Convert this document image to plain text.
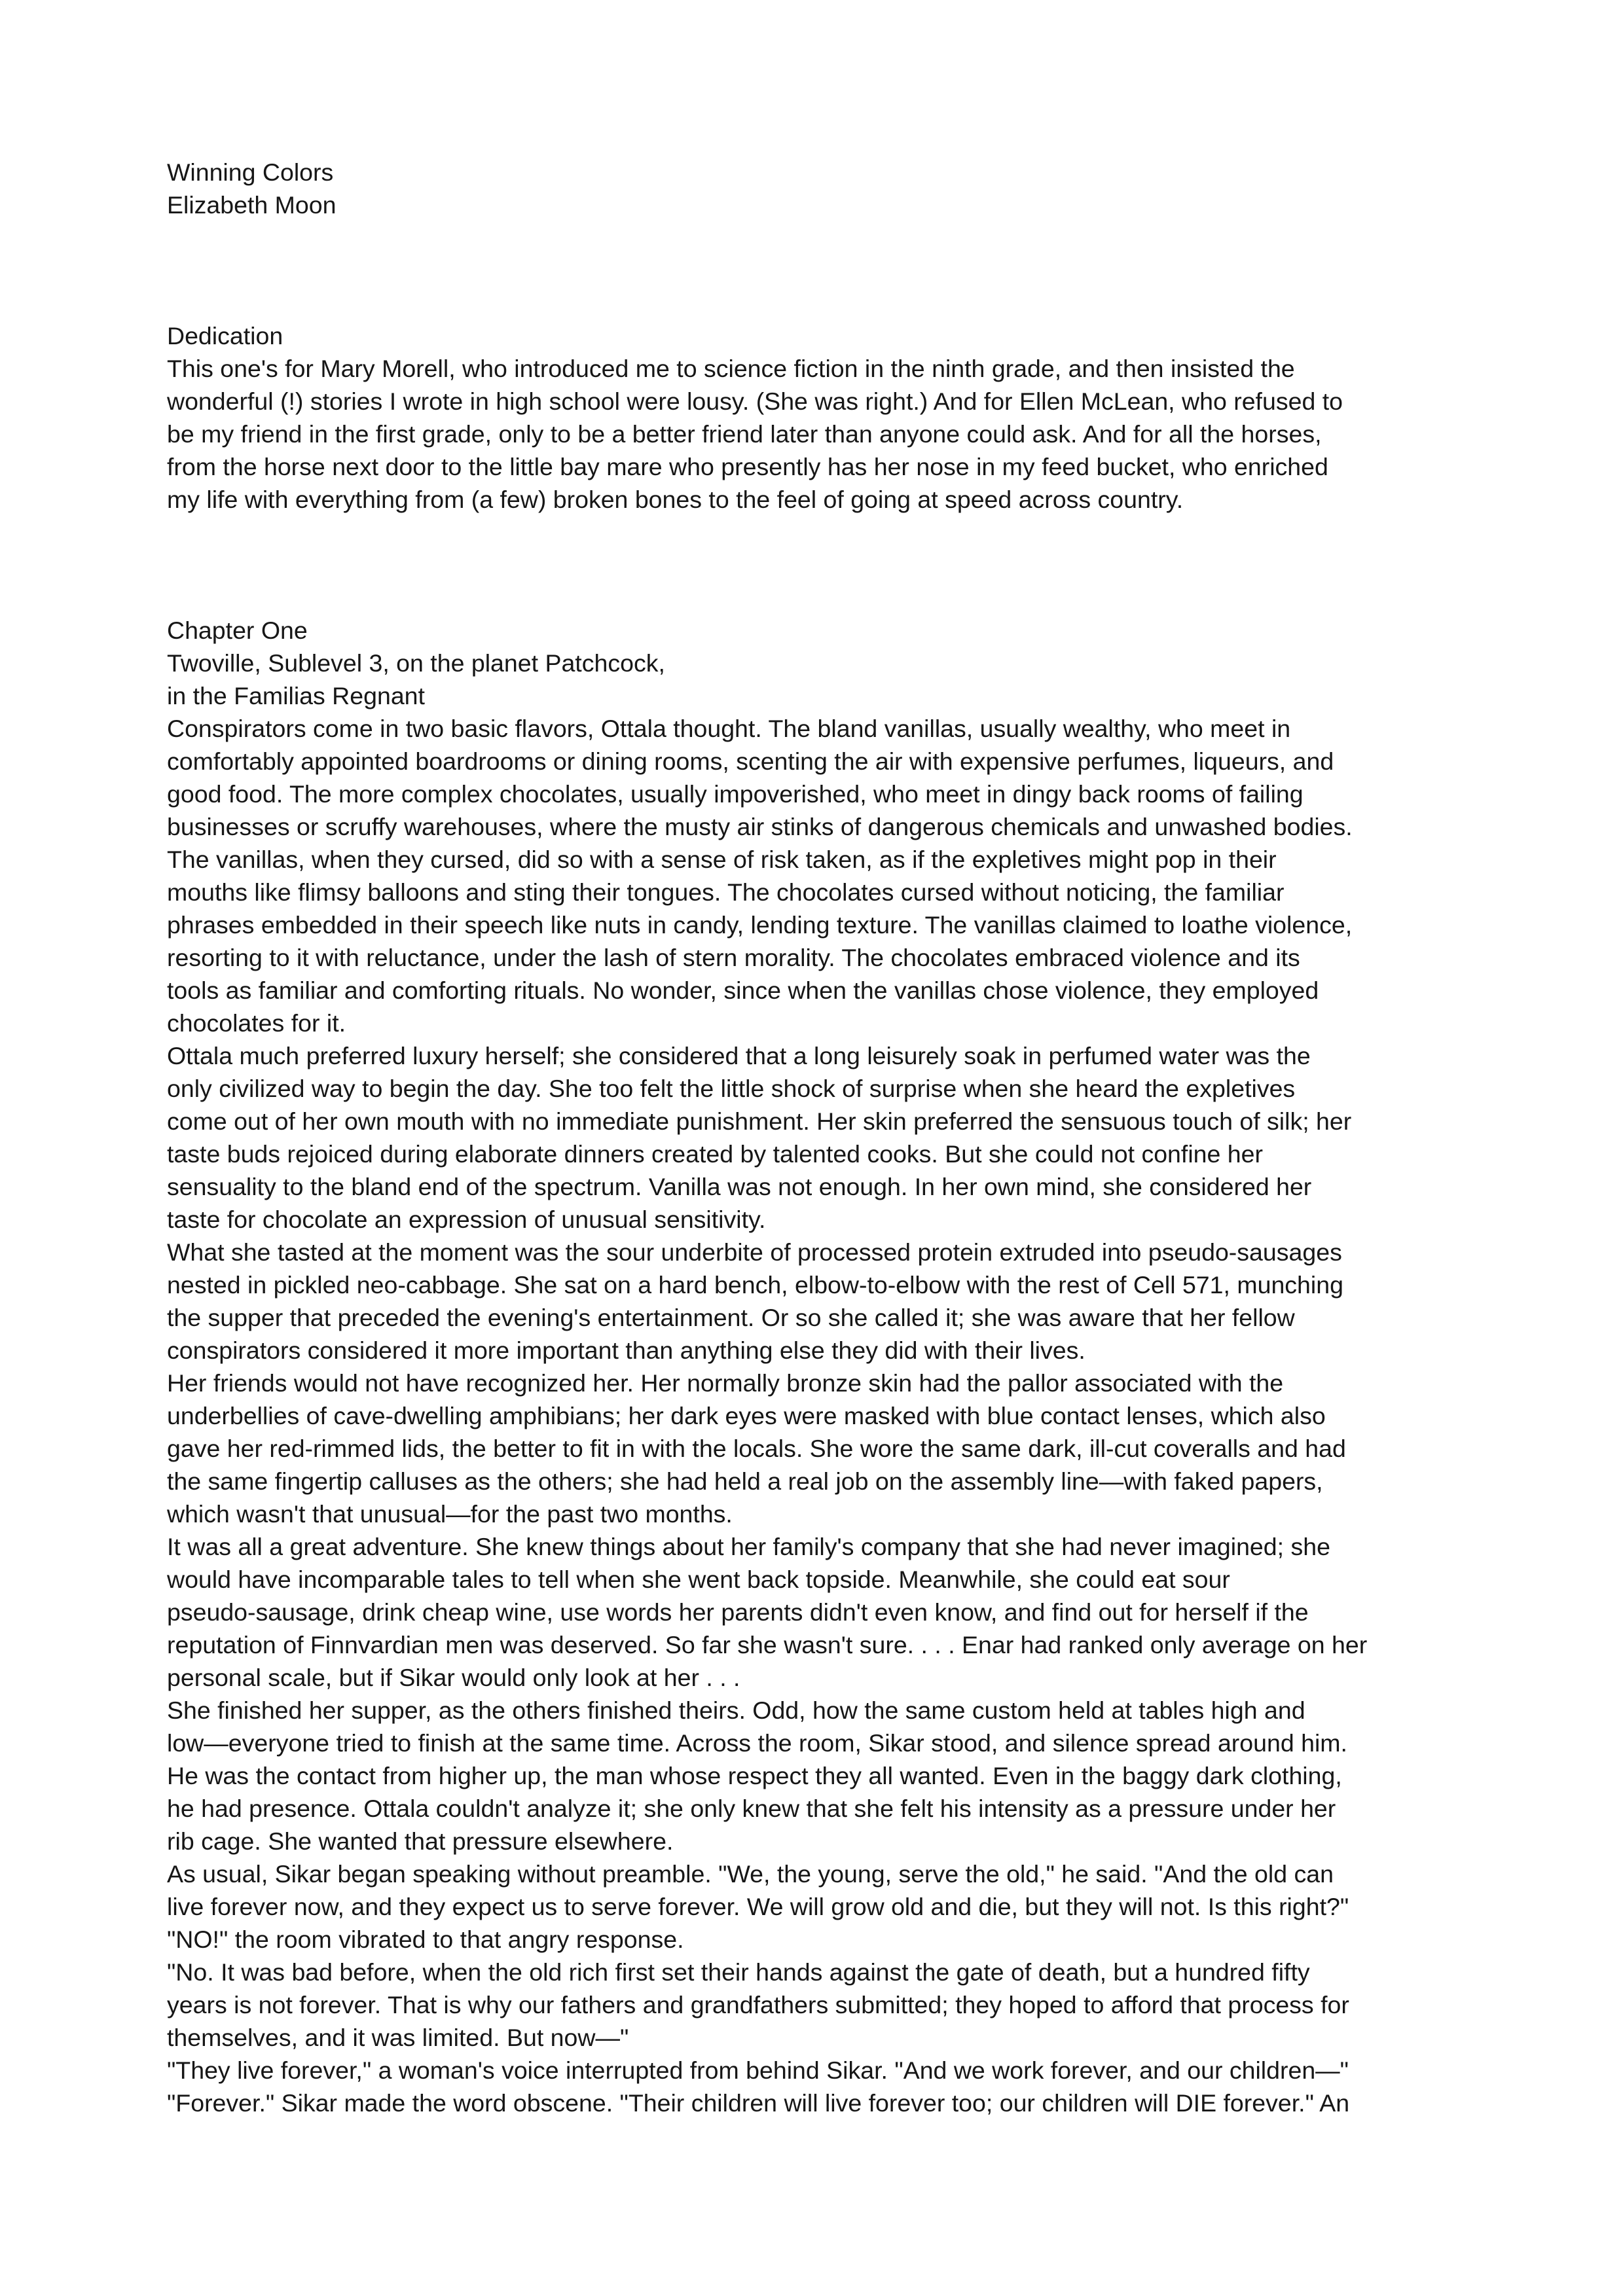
Winning Colors
Elizabeth Moon
Dedication
This one's for Mary Morell, who introduced me to science fiction in the ninth grade, and then insisted the
wonderful (!) stories I wrote in high school were lousy. (She was right.) And for Ellen McLean, who refused to
be my friend in the first grade, only to be a better friend later than anyone could ask. And for all the horses,
from the horse next door to the little bay mare who presently has her nose in my feed bucket, who enriched
my life with everything from (a few) broken bones to the feel of going at speed across country.
Chapter One
Twoville, Sublevel 3, on the planet Patchcock,
in the Familias Regnant
Conspirators come in two basic flavors, Ottala thought. The bland vanillas, usually wealthy, who meet in
comfortably appointed boardrooms or dining rooms, scenting the air with expensive perfumes, liqueurs, and
good food. The more complex chocolates, usually impoverished, who meet in dingy back rooms of failing
businesses or scruffy warehouses, where the musty air stinks of dangerous chemicals and unwashed bodies.
The vanillas, when they cursed, did so with a sense of risk taken, as if the expletives might pop in their
mouths like flimsy balloons and sting their tongues. The chocolates cursed without noticing, the familiar
phrases embedded in their speech like nuts in candy, lending texture. The vanillas claimed to loathe violence,
resorting to it with reluctance, under the lash of stern morality. The chocolates embraced violence and its
tools as familiar and comforting rituals. No wonder, since when the vanillas chose violence, they employed
chocolates for it.
Ottala much preferred luxury herself; she considered that a long leisurely soak in perfumed water was the
only civilized way to begin the day. She too felt the little shock of surprise when she heard the expletives
come out of her own mouth with no immediate punishment. Her skin preferred the sensuous touch of silk; her
taste buds rejoiced during elaborate dinners created by talented cooks. But she could not confine her
sensuality to the bland end of the spectrum. Vanilla was not enough. In her own mind, she considered her
taste for chocolate an expression of unusual sensitivity.
What she tasted at the moment was the sour underbite of processed protein extruded into pseudo-sausages
nested in pickled neo-cabbage. She sat on a hard bench, elbow-to-elbow with the rest of Cell 571, munching
the supper that preceded the evening's entertainment. Or so she called it; she was aware that her fellow
conspirators considered it more important than anything else they did with their lives.
Her friends would not have recognized her. Her normally bronze skin had the pallor associated with the
underbellies of cave-dwelling amphibians; her dark eyes were masked with blue contact lenses, which also
gave her red-rimmed lids, the better to fit in with the locals. She wore the same dark, ill-cut coveralls and had
the same fingertip calluses as the others; she had held a real job on the assembly line—with faked papers,
which wasn't that unusual—for the past two months.
It was all a great adventure. She knew things about her family's company that she had never imagined; she
would have incomparable tales to tell when she went back topside. Meanwhile, she could eat sour
pseudo-sausage, drink cheap wine, use words her parents didn't even know, and find out for herself if the
reputation of Finnvardian men was deserved. So far she wasn't sure. . . . Enar had ranked only average on her
personal scale, but if Sikar would only look at her . . .
She finished her supper, as the others finished theirs. Odd, how the same custom held at tables high and
low—everyone tried to finish at the same time. Across the room, Sikar stood, and silence spread around him.
He was the contact from higher up, the man whose respect they all wanted. Even in the baggy dark clothing,
he had presence. Ottala couldn't analyze it; she only knew that she felt his intensity as a pressure under her
rib cage. She wanted that pressure elsewhere.
As usual, Sikar began speaking without preamble. "We, the young, serve the old," he said. "And the old can
live forever now, and they expect us to serve forever. We will grow old and die, but they will not. Is this right?"
"NO!" the room vibrated to that angry response.
"No. It was bad before, when the old rich first set their hands against the gate of death, but a hundred fifty
years is not forever. That is why our fathers and grandfathers submitted; they hoped to afford that process for
themselves, and it was limited. But now—"
"They live forever," a woman's voice interrupted from behind Sikar. "And we work forever, and our children—"
"Forever." Sikar made the word obscene. "Their children will live forever too; our children will DIE forever." An
